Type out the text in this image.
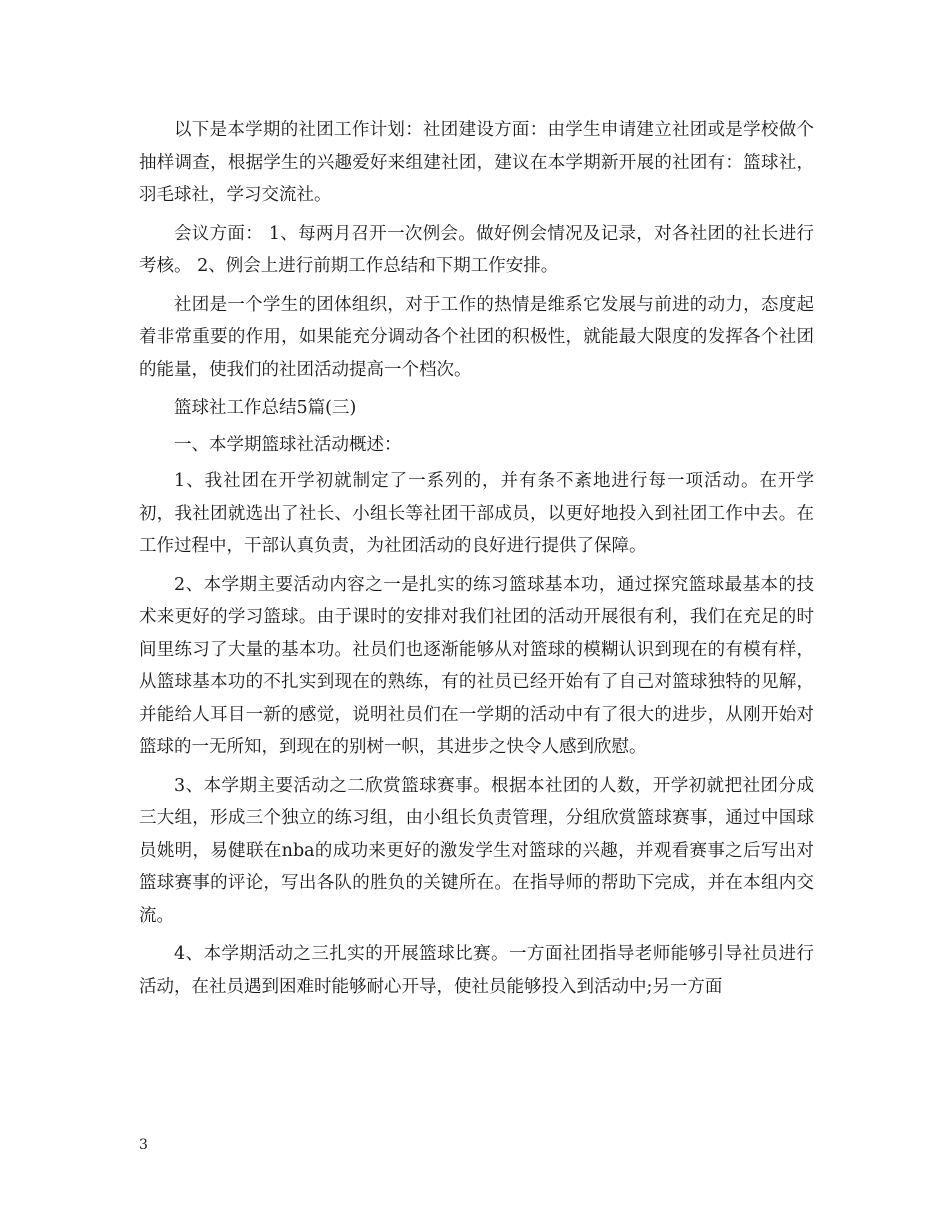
以下是本学期的社团工作计划：社团建设方面：由学生申请建立社团或是学校做个抽样调查，根据学生的兴趣爱好来组建社团，建议在本学期新开展的社团有：篮球社，羽毛球社，学习交流社。

会议方面： 1、每两月召开一次例会。做好例会情况及记录，对各社团的社长进行考核。 2、例会上进行前期工作总结和下期工作安排。

社团是一个学生的团体组织，对于工作的热情是维系它发展与前进的动力，态度起着非常重要的作用，如果能充分调动各个社团的积极性，就能最大限度的发挥各个社团的能量，使我们的社团活动提高一个档次。

篮球社工作总结5篇(三)

一、本学期篮球社活动概述：

1、我社团在开学初就制定了一系列的，并有条不紊地进行每一项活动。在开学初，我社团就选出了社长、小组长等社团干部成员，以更好地投入到社团工作中去。在工作过程中，干部认真负责，为社团活动的良好进行提供了保障。

2、本学期主要活动内容之一是扎实的练习篮球基本功，通过探究篮球最基本的技术来更好的学习篮球。由于课时的安排对我们社团的活动开展很有利，我们在充足的时间里练习了大量的基本功。社员们也逐渐能够从对篮球的模糊认识到现在的有模有样，从篮球基本功的不扎实到现在的熟练，有的社员已经开始有了自己对篮球独特的见解，并能给人耳目一新的感觉，说明社员们在一学期的活动中有了很大的进步，从刚开始对篮球的一无所知，到现在的别树一帜，其进步之快令人感到欣慰。

3、本学期主要活动之二欣赏篮球赛事。根据本社团的人数，开学初就把社团分成三大组，形成三个独立的练习组，由小组长负责管理，分组欣赏篮球赛事，通过中国球员姚明，易健联在nba的成功来更好的激发学生对篮球的兴趣，并观看赛事之后写出对篮球赛事的评论，写出各队的胜负的关键所在。在指导师的帮助下完成，并在本组内交流。

4、本学期活动之三扎实的开展篮球比赛。一方面社团指导老师能够引导社员进行活动，在社员遇到困难时能够耐心开导，使社员能够投入到活动中;另一方面

3
